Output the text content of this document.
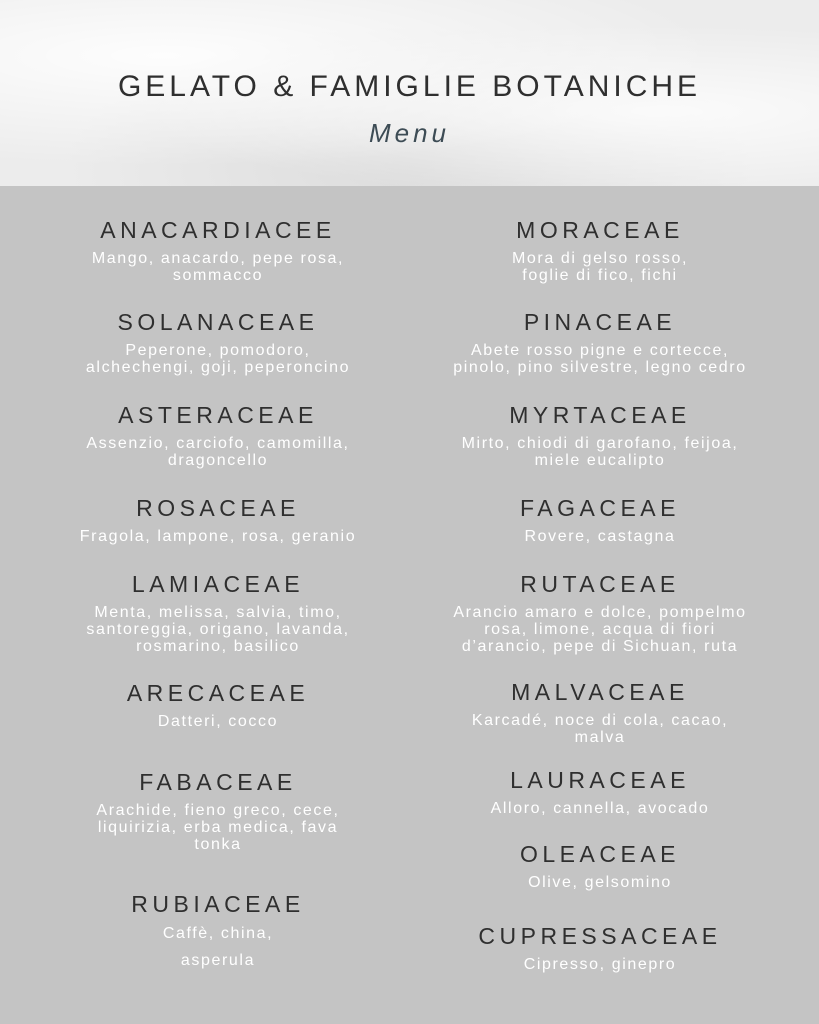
GELATO & FAMIGLIE BOTANICHE
Menu
ANACARDIACEE
Mango, anacardo, pepe rosa,
sommacco
SOLANACEAE
Peperone, pomodoro,
alchechengi, goji, peperoncino
ASTERACEAE
Assenzio, carciofo, camomilla,
dragoncello
ROSACEAE
Fragola, lampone, rosa, geranio
LAMIACEAE
Menta, melissa, salvia, timo,
santoreggia, origano, lavanda,
rosmarino, basilico
ARECACEAE
Datteri, cocco
FABACEAE
Arachide, fieno greco, cece,
liquirizia, erba medica, fava
tonka
RUBIACEAE
Caffè, china,
asperula
MORACEAE
Mora di gelso rosso,
foglie di fico, fichi
PINACEAE
Abete rosso pigne e cortecce,
pinolo, pino silvestre, legno cedro
MYRTACEAE
Mirto, chiodi di garofano, feijoa,
miele eucalipto
FAGACEAE
Rovere, castagna
RUTACEAE
Arancio amaro e dolce, pompelmo
rosa, limone, acqua di fiori
d’arancio, pepe di Sichuan, ruta
MALVACEAE
Karcadé, noce di cola, cacao,
malva
LAURACEAE
Alloro, cannella, avocado
OLEACEAE
Olive, gelsomino
CUPRESSACEAE
Cipresso, ginepro
